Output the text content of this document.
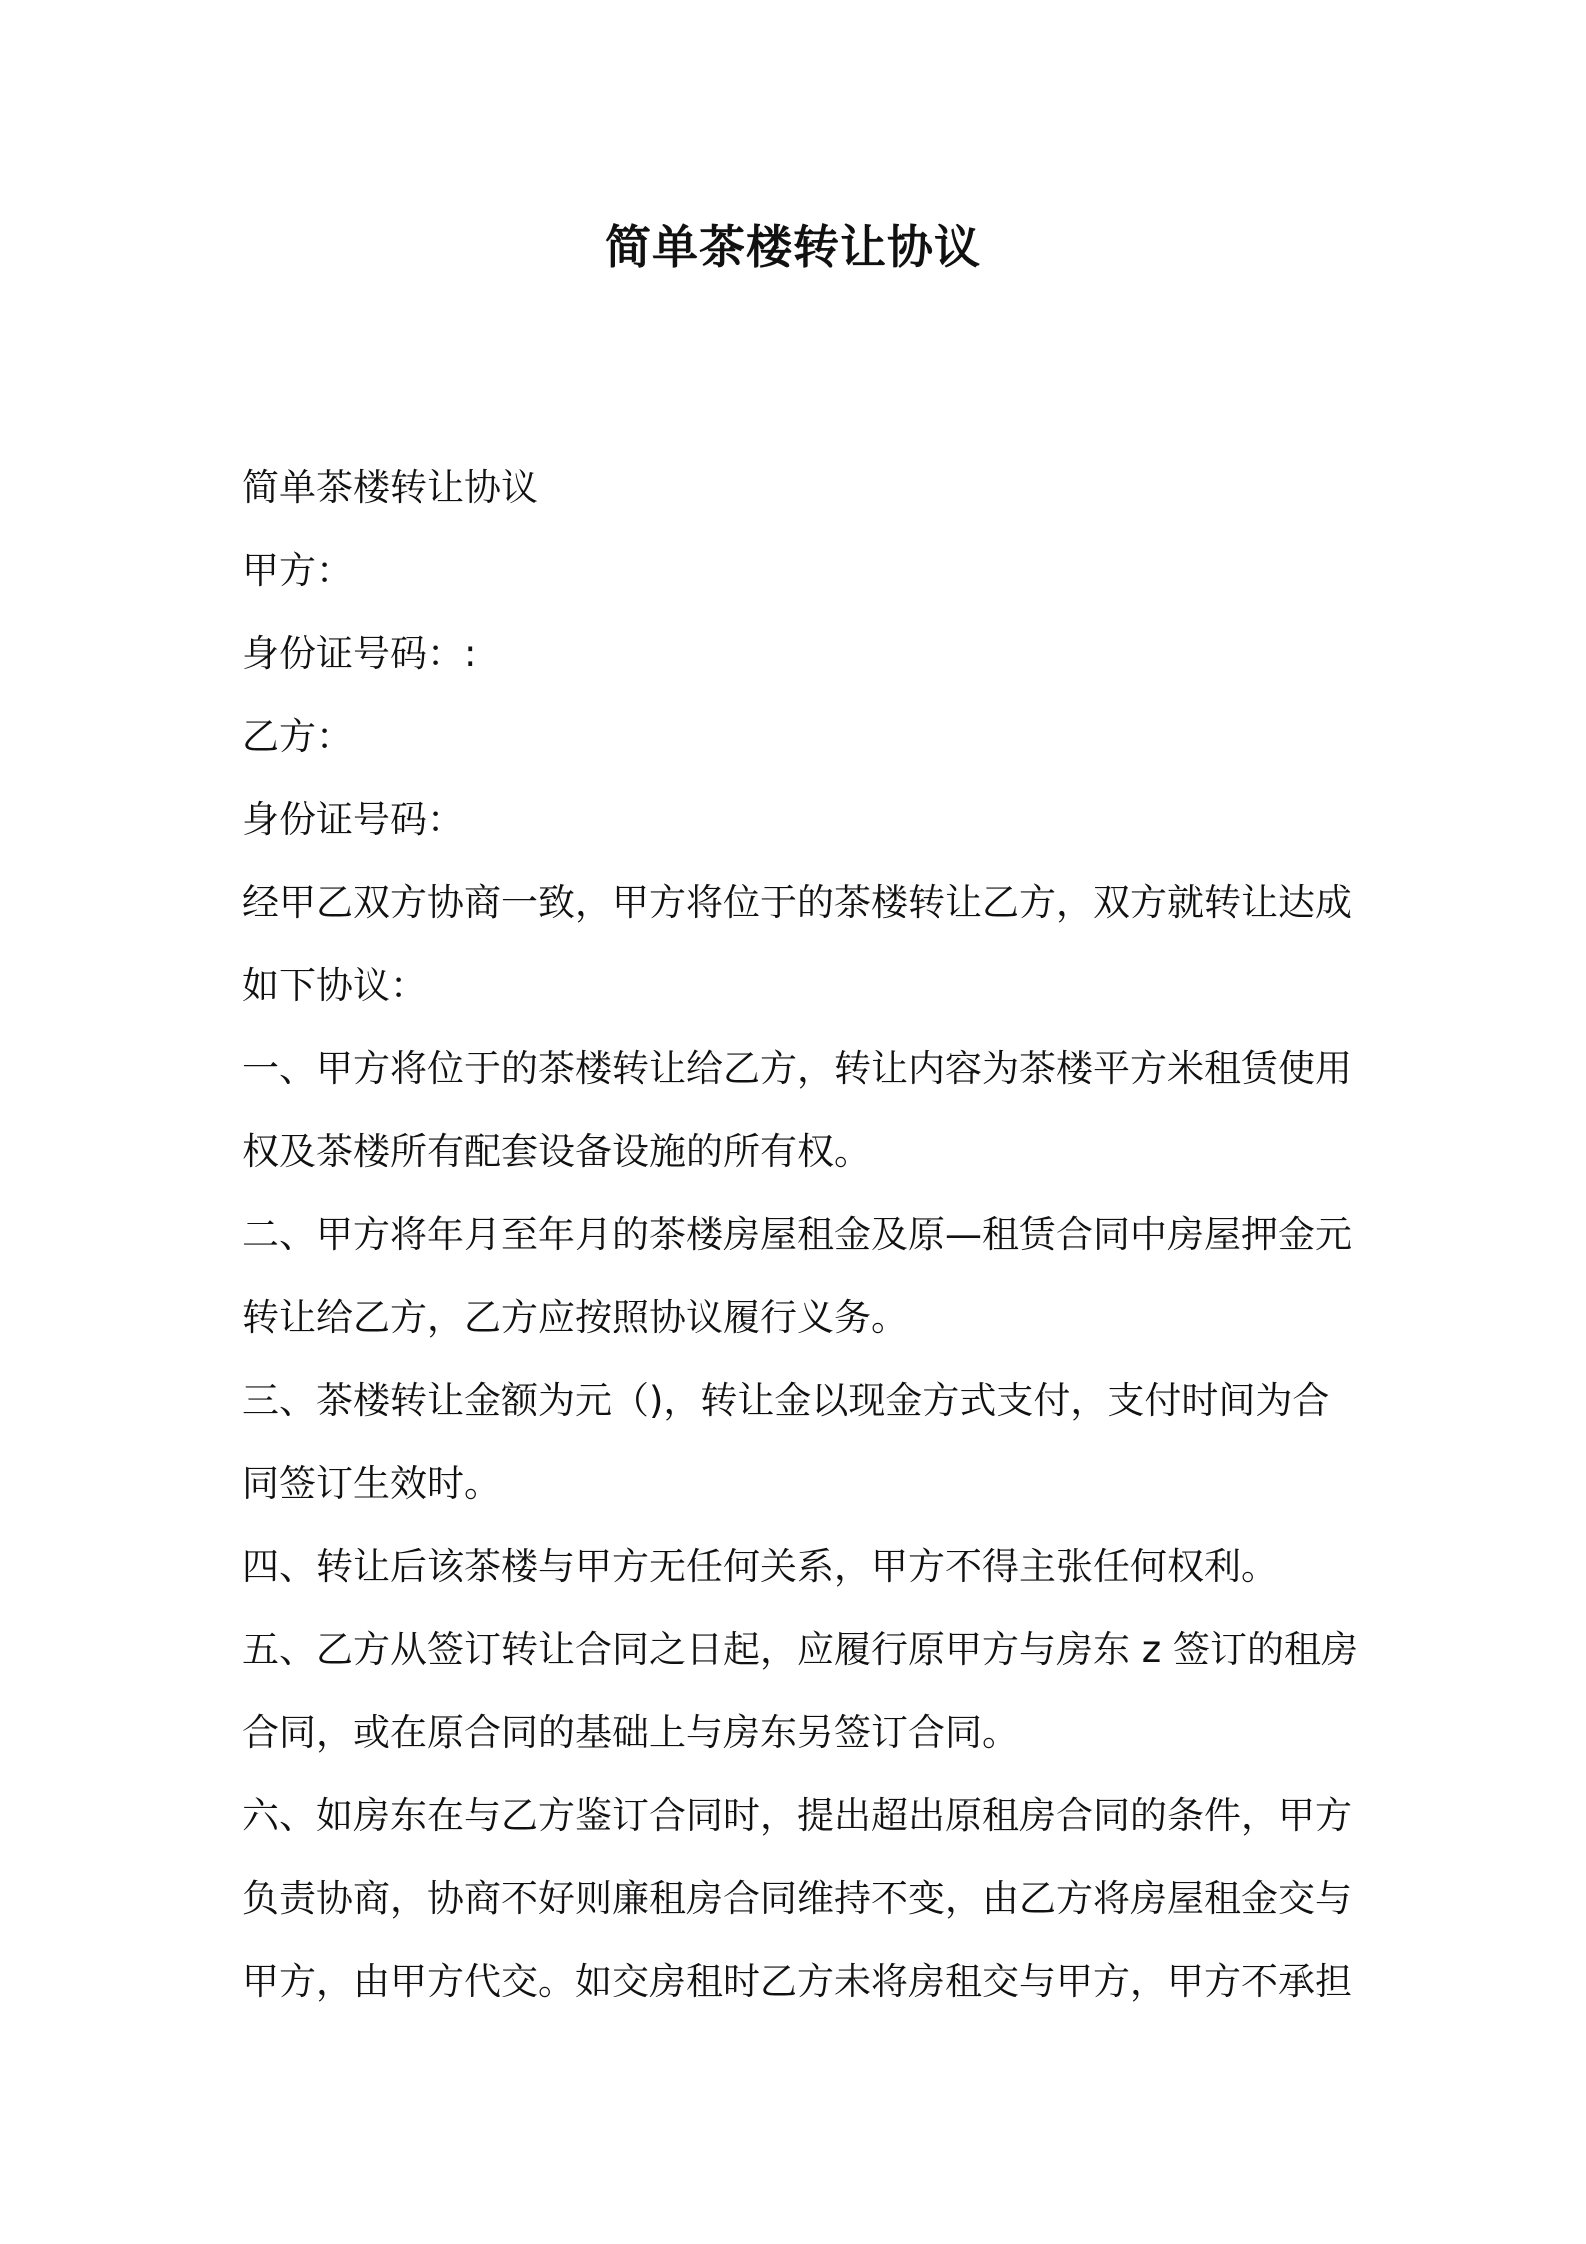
简单茶楼转让协议

简单茶楼转让协议

甲方：

身份证号码：:

乙方：

身份证号码：

经甲乙双方协商一致，甲方将位于的茶楼转让乙方，双方就转让达成

如下协议：

一、甲方将位于的茶楼转让给乙方，转让内容为茶楼平方米租赁使用

权及茶楼所有配套设备设施的所有权。

二、甲方将年月至年月的茶楼房屋租金及原—租赁合同中房屋押金元

转让给乙方，乙方应按照协议履行义务。

三、茶楼转让金额为元（)，转让金以现金方式支付，支付时间为合

同签订生效时。

四、转让后该茶楼与甲方无任何关系，甲方不得主张任何权利。

五、乙方从签订转让合同之日起，应履行原甲方与房东 z 签订的租房

合同，或在原合同的基础上与房东另签订合同。

六、如房东在与乙方鉴订合同时，提出超出原租房合同的条件，甲方

负责协商，协商不好则廉租房合同维持不变，由乙方将房屋租金交与

甲方，由甲方代交。如交房租时乙方未将房租交与甲方，甲方不承担
